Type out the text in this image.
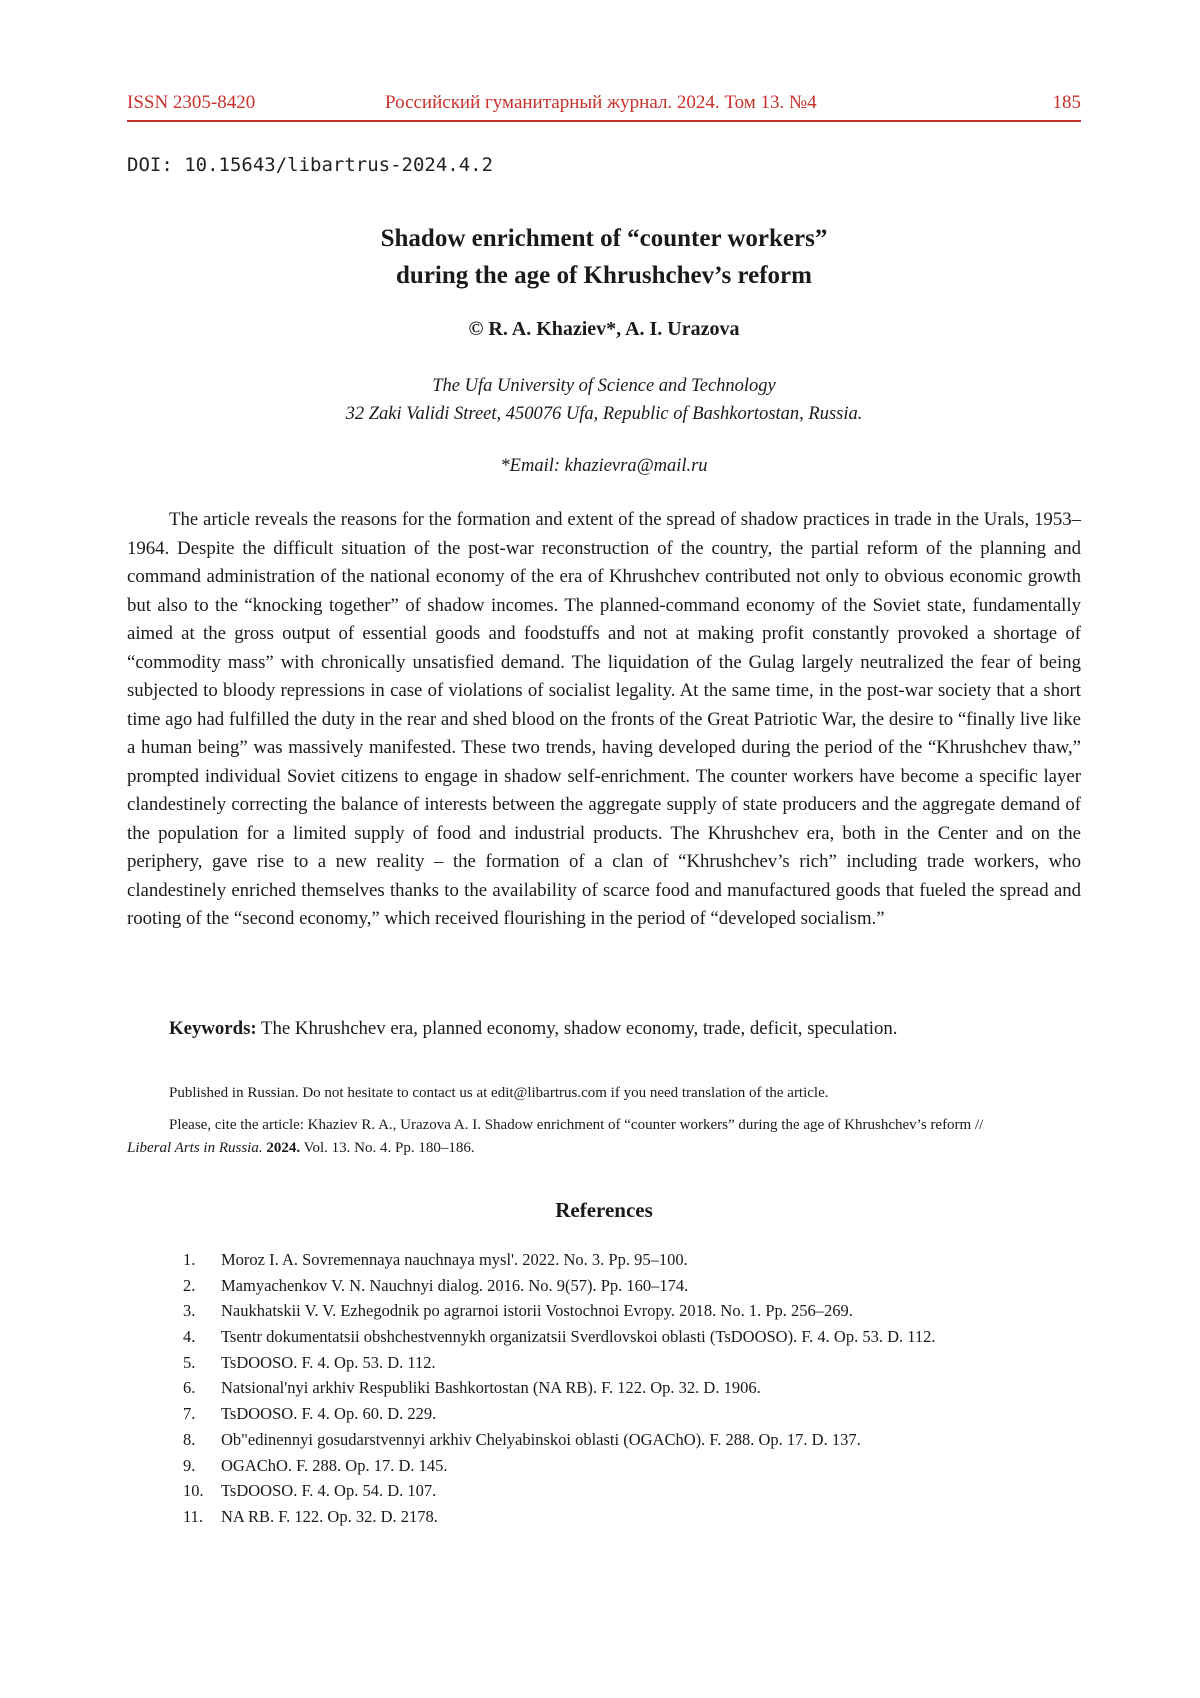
ISSN 2305-8420	Российский гуманитарный журнал. 2024. Том 13. №4	185
DOI: 10.15643/libartrus-2024.4.2
Shadow enrichment of “counter workers”
during the age of Khrushchev’s reform
© R. A. Khaziev*, A. I. Urazova
The Ufa University of Science and Technology
32 Zaki Validi Street, 450076 Ufa, Republic of Bashkortostan, Russia.
*Email: khazievra@mail.ru

The article reveals the reasons for the formation and extent of the spread of shadow practices in trade in the Urals, 1953–1964. Despite the difficult situation of the post-war reconstruction of the country, the partial reform of the planning and command administration of the national economy of the era of Khrushchev contributed not only to obvious economic growth but also to the “knocking together” of shadow incomes. The planned-command economy of the Soviet state, fundamentally aimed at the gross output of essential goods and foodstuffs and not at making profit constantly provoked a shortage of “commodity mass” with chronically unsatisfied demand. The liquidation of the Gulag largely neutralized the fear of being subjected to bloody repressions in case of violations of socialist legality. At the same time, in the post-war society that a short time ago had fulfilled the duty in the rear and shed blood on the fronts of the Great Patriotic War, the desire to “finally live like a human being” was massively manifested. These two trends, having developed during the period of the “Khrushchev thaw,” prompted individual Soviet citizens to engage in shadow self-enrichment. The counter workers have become a specific layer clandestinely correcting the balance of interests between the aggregate supply of state producers and the aggregate demand of the population for a limited supply of food and industrial products. The Khrushchev era, both in the Center and on the periphery, gave rise to a new reality – the formation of a clan of “Khrushchev’s rich” including trade workers, who clandestinely enriched themselves thanks to the availability of scarce food and manufactured goods that fueled the spread and rooting of the “second economy,” which received flourishing in the period of “developed socialism.”

Keywords: The Khrushchev era, planned economy, shadow economy, trade, deficit, speculation.
Published in Russian. Do not hesitate to contact us at edit@libartrus.com if you need translation of the article.
Please, cite the article: Khaziev R. A., Urazova A. I. Shadow enrichment of “counter workers” during the age of Khrushchev’s reform // Liberal Arts in Russia. 2024. Vol. 13. No. 4. Pp. 180–186.
References
1.	Moroz I. A. Sovremennaya nauchnaya mysl'. 2022. No. 3. Pp. 95–100.
2.	Mamyachenkov V. N. Nauchnyi dialog. 2016. No. 9(57). Pp. 160–174.
3.	Naukhatskii V. V. Ezhegodnik po agrarnoi istorii Vostochnoi Evropy. 2018. No. 1. Pp. 256–269.
4.	Tsentr dokumentatsii obshchestvennykh organizatsii Sverdlovskoi oblasti (TsDOOSO). F. 4. Op. 53. D. 112.
5.	TsDOOSO. F. 4. Op. 53. D. 112.
6.	Natsional'nyi arkhiv Respubliki Bashkortostan (NA RB). F. 122. Op. 32. D. 1906.
7.	TsDOOSO. F. 4. Op. 60. D. 229.
8.	Ob"edinennyi gosudarstvennyi arkhiv Chelyabinskoi oblasti (OGAChO). F. 288. Op. 17. D. 137.
9.	OGAChO. F. 288. Op. 17. D. 145.
10.	TsDOOSO. F. 4. Op. 54. D. 107.
11.	NA RB. F. 122. Op. 32. D. 2178.
